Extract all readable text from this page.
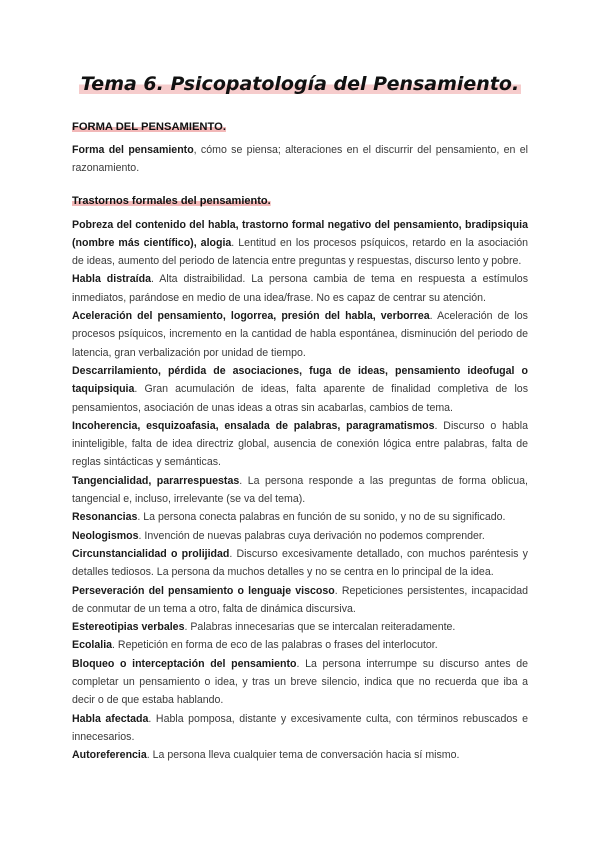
Tema 6. Psicopatología del Pensamiento.
FORMA DEL PENSAMIENTO.

Forma del pensamiento, cómo se piensa; alteraciones en el discurrir del pensamiento, en el razonamiento.

Trastornos formales del pensamiento.

Pobreza del contenido del habla, trastorno formal negativo del pensamiento, bradipsiquia (nombre más científico), alogia. Lentitud en los procesos psíquicos, retardo en la asociación de ideas, aumento del periodo de latencia entre preguntas y respuestas, discurso lento y pobre.

Habla distraída. Alta distraibilidad. La persona cambia de tema en respuesta a estímulos inmediatos, parándose en medio de una idea/frase. No es capaz de centrar su atención.

Aceleración del pensamiento, logorrea, presión del habla, verborrea. Aceleración de los procesos psíquicos, incremento en la cantidad de habla espontánea, disminución del periodo de latencia, gran verbalización por unidad de tiempo.

Descarrilamiento, pérdida de asociaciones, fuga de ideas, pensamiento ideofugal o taquipsiquia. Gran acumulación de ideas, falta aparente de finalidad completiva de los pensamientos, asociación de unas ideas a otras sin acabarlas, cambios de tema.

Incoherencia, esquizoafasia, ensalada de palabras, paragramatismos. Discurso o habla ininteligible, falta de idea directriz global, ausencia de conexión lógica entre palabras, falta de reglas sintácticas y semánticas.

Tangencialidad, pararrespuestas. La persona responde a las preguntas de forma oblicua, tangencial e, incluso, irrelevante (se va del tema).

Resonancias. La persona conecta palabras en función de su sonido, y no de su significado.

Neologismos. Invención de nuevas palabras cuya derivación no podemos comprender.

Circunstancialidad o prolijidad. Discurso excesivamente detallado, con muchos paréntesis y detalles tediosos. La persona da muchos detalles y no se centra en lo principal de la idea.

Perseveración del pensamiento o lenguaje viscoso. Repeticiones persistentes, incapacidad de conmutar de un tema a otro, falta de dinámica discursiva.

Estereotipias verbales. Palabras innecesarias que se intercalan reiteradamente.

Ecolalia. Repetición en forma de eco de las palabras o frases del interlocutor.

Bloqueo o interceptación del pensamiento. La persona interrumpe su discurso antes de completar un pensamiento o idea, y tras un breve silencio, indica que no recuerda que iba a decir o de que estaba hablando.

Habla afectada. Habla pomposa, distante y excesivamente culta, con términos rebuscados e innecesarios.

Autoreferencia. La persona lleva cualquier tema de conversación hacia sí mismo.
